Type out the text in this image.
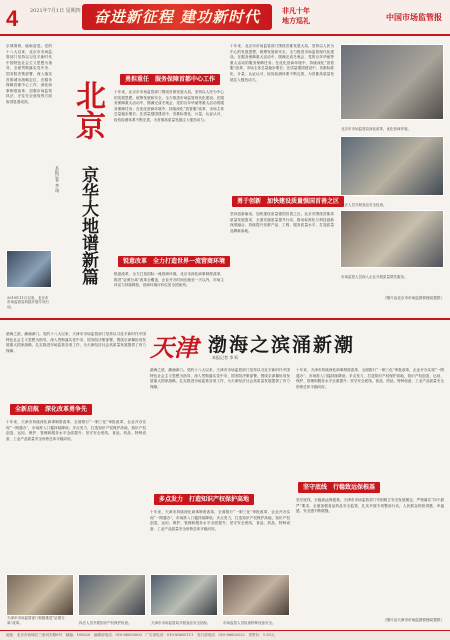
4 2021年7月1日 星期四 奋进新征程 建功新时代	非凡十年
地方巡礼	中国市场监管报
京城乘势，砥砺奋进。党的十八大以来，北京市市场监管部门坚持以习近平新时代中国特色社会主义思想为指导，全面贯彻落实党中央、国务院决策部署，深入落实首都城市战略定位，在服务保障首都中心工作、深化商事制度改革、加强市场监管执法、守住安全底线等方面取得显著成效。	北京
京华大地谱新篇
本报记者 李 翔
勇担重任　服务保障首都中心工作
十年来，北京市市场监管部门围绕首都发展大局，坚持以人民为中心的发展思想，统筹发展和安全，全力推进市场监管现代化建设。在服务保障重大活动中，圆满完成冬奥会、党的百年华诞等重大活动的服务保障任务；在优化营商环境中，持续深化“放管服”改革，市场主体总量稳步增长；在质量强国建设中，首都标准化、计量、认证认可、检验检测体系不断完善，为首都高质量发展注入强劲动力。
锐意改革　全力打造世界一流营商环境
锐意改革，全力打造国际一流营商环境。北京市深化商事制度改革，推进“证照分离”改革全覆盖，企业开办时间压缩至一天以内，市场主体活力持续释放，营商环境评价位居全国前列。
十年来，北京市市场监管部门围绕首都发展大局，坚持以人民为中心的发展思想，统筹发展和安全，全力推进市场监管现代化建设。在服务保障重大活动中，圆满完成冬奥会、党的百年华诞等重大活动的服务保障任务；在优化营商环境中，持续深化“放管服”改革，市场主体总量稳步增长；在质量强国建设中，首都标准化、计量、认证认可、检验检测体系不断完善，为首都高质量发展注入强劲动力。
勇于创新　加快建设质量强国首善之区
坚持创新驱动，加快建设质量强国首善之区。北京市围绕首都高质量发展需求，全面实施质量提升行动，推动标准化与科技创新深度融合，持续提升首都产品、工程、服务质量水平，打造质量品牌新高地。
北京市市场监管局深化改革，优化营商环境。
执法人员开展食品安全检查。
市场监管人员深入企业开展质量帮扶服务。
（图片由北京市市场监督管理局提供）
2019年11月以来，北京市市场监管局持续开展专项行动。
天津 渤海之滨涌新潮
本报记者 李 昕
渤海之滨，潮涌津门。党的十八大以来，天津市市场监管部门坚持以习近平新时代中国特色社会主义思想为指导，深入贯彻落实党中央、国务院决策部署，围绕京津冀协同发展重大国家战略，扎实推进市场监管各项工作，为天津经济社会高质量发展提供了有力保障。
全新启航　深化改革勇争先
十年来，天津市持续深化商事制度改革，全面推行“一制三化”审批改革，企业开办实现“一网通办”，市场准入门槛持续降低；多点发力，打造知识产权保护高地，知识产权创造、运用、保护、管理和服务水平全面提升；坚守安全底线，食品、药品、特种设备、工业产品质量安全形势总体平稳向好。
渤海之滨，潮涌津门。党的十八大以来，天津市市场监管部门坚持以习近平新时代中国特色社会主义思想为指导，深入贯彻落实党中央、国务院决策部署，围绕京津冀协同发展重大国家战略，扎实推进市场监管各项工作，为天津经济社会高质量发展提供了有力保障。
多点发力　打造知识产权保护高地
十年来，天津市持续深化商事制度改革，全面推行“一制三化”审批改革，企业开办实现“一网通办”，市场准入门槛持续降低；多点发力，打造知识产权保护高地，知识产权创造、运用、保护、管理和服务水平全面提升；坚守安全底线，食品、药品、特种设备、工业产品质量安全形势总体平稳向好。
十年来，天津市持续深化商事制度改革，全面推行“一制三化”审批改革，企业开办实现“一网通办”，市场准入门槛持续降低；多点发力，打造知识产权保护高地，知识产权创造、运用、保护、管理和服务水平全面提升；坚守安全底线，食品、药品、特种设备、工业产品质量安全形势总体平稳向好。
坚守底线　行稳致远保根基
坚守底线，行稳致远保根基。天津市市场监管部门牢固树立安全发展理念，严格落实“四个最严”要求，全面加强食品药品安全监管，扎实开展专项整治行动，人民群众的获得感、幸福感、安全感不断增强。
天津市市场监管部门积极推进“证照分离”改革。	执法人员开展知识产权保护检查。	天津市市场监管局开展食品安全抽检。	市场监管人员检查特种设备安全。
（图片由天津市市场监督管理局提供）
地址：北京市西城区三里河东路8号　邮编：100820　编辑部电话：010-88650000　广告部电话：010-88650111　发行部电话：010-88650222　零售价：1.50元
